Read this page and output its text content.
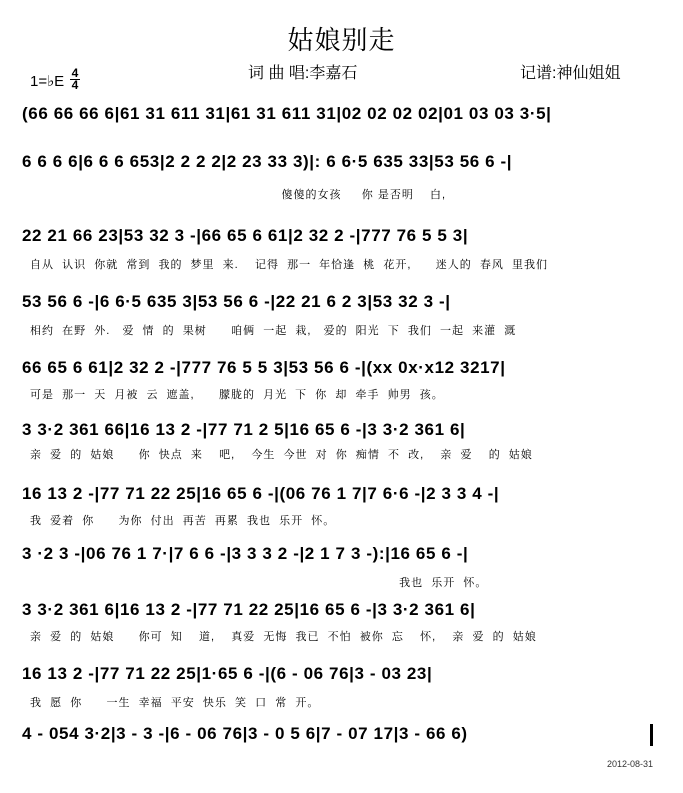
姑娘别走
词 曲 唱:李嘉石	记谱:神仙姐姐
1=♭E 4
4
(66 66 66 6|61 31 611 31|61 31 611 31|02 02 02 02|01 03 03 3·5|
6 6 6 6|6 6 6 653|2 2 2 2|2 23 33 3)|: 6 6·5 635 33|53 56 6 -|
傻傻的女孩     你 是否明    白,
22 21 66 23|53 32 3 -|66 65 6 61|2 32 2 -|777 76 5 5 3|
自从  认识  你就  常到  我的  梦里  来.    记得  那一  年恰逢  桃  花开,      迷人的  春风  里我们
53 56 6 -|6 6·5 635 3|53 56 6 -|22 21 6 2 3|53 32 3 -|
相约  在野  外.   爱  情  的  果树      咱俩  一起  栽,   爱的  阳光  下  我们  一起  来灌  溉
66 65 6 61|2 32 2 -|777 76 5 5 3|53 56 6 -|(xx 0x·x12 3217|
可是  那一  天  月被  云  遮盖,      朦胧的  月光  下  你  却  牵手  帅男  孩。
3 3·2 361 66|16 13 2 -|77 71 2 5|16 65 6 -|3 3·2 361 6|
亲  爱  的  姑娘      你  快点  来    吧,    今生  今世  对  你  痴情  不  改,    亲  爱    的  姑娘
16 13 2 -|77 71 22 25|16 65 6 -|(06 76 1 7|7 6·6 -|2 3 3 4 -|
我  爱着  你      为你  付出  再苦  再累  我也  乐开  怀。
3 ·2 3 -|06 76 1 7·|7 6 6 -|3 3 3 2 -|2 1 7 3 -):|16 65 6 -|
我也  乐开  怀。
3 3·2 361 6|16 13 2 -|77 71 22 25|16 65 6 -|3 3·2 361 6|
亲  爱  的  姑娘      你可  知    道,    真爱  无悔  我已  不怕  被你  忘    怀,    亲  爱  的  姑娘
16 13 2 -|77 71 22 25|1·65 6 -|(6 - 06 76|3 - 03 23|
我  愿  你      一生  幸福  平安  快乐  笑  口  常  开。
4 - 054 3·2|3 - 3 -|6 - 06 76|3 - 0 5 6|7 - 07 17|3 - 66 6)
2012-08-31
